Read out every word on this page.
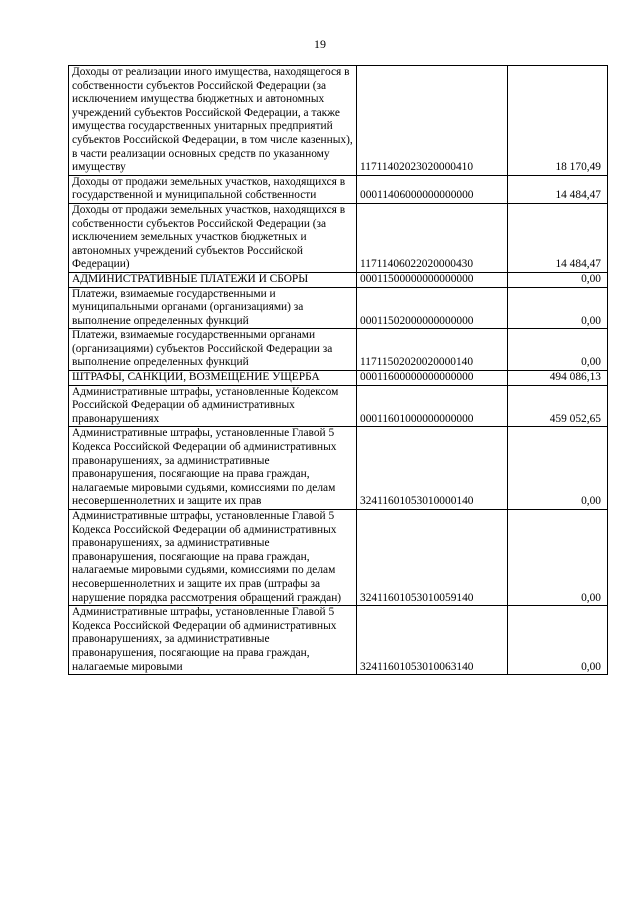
19
Доходы от реализации иного имущества, находящегося в собственности субъектов Российской Федерации (за исключением имущества бюджетных и автономных учреждений субъектов Российской Федерации, а также имущества государственных унитарных предприятий субъектов Российской Федерации, в том числе казенных), в части реализации основных средств по указанному имуществу	11711402023020000410	18 170,49
Доходы от продажи земельных участков, находящихся в государственной и муниципальной собственности	00011406000000000000	14 484,47
Доходы от продажи земельных участков, находящихся в собственности субъектов Российской Федерации (за исключением земельных участков бюджетных и автономных учреждений субъектов Российской Федерации)	11711406022020000430	14 484,47
АДМИНИСТРАТИВНЫЕ ПЛАТЕЖИ И СБОРЫ	00011500000000000000	0,00
Платежи, взимаемые государственными и муниципальными органами (организациями) за выполнение определенных функций	00011502000000000000	0,00
Платежи, взимаемые государственными органами (организациями) субъектов Российской Федерации за выполнение определенных функций	11711502020020000140	0,00
ШТРАФЫ, САНКЦИИ, ВОЗМЕЩЕНИЕ УЩЕРБА	00011600000000000000	494 086,13
Административные штрафы, установленные Кодексом Российской Федерации об административных правонарушениях	00011601000000000000	459 052,65
Административные штрафы, установленные Главой 5 Кодекса Российской Федерации об административных правонарушениях, за административные правонарушения, посягающие на права граждан, налагаемые мировыми судьями, комиссиями по делам несовершеннолетних и защите их прав	32411601053010000140	0,00
Административные штрафы, установленные Главой 5 Кодекса Российской Федерации об административных правонарушениях, за административные правонарушения, посягающие на права граждан, налагаемые мировыми судьями, комиссиями по делам несовершеннолетних и защите их прав (штрафы за нарушение порядка рассмотрения обращений граждан)	32411601053010059140	0,00
Административные штрафы, установленные Главой 5 Кодекса Российской Федерации об административных правонарушениях, за административные правонарушения, посягающие на права граждан, налагаемые мировыми	32411601053010063140	0,00
